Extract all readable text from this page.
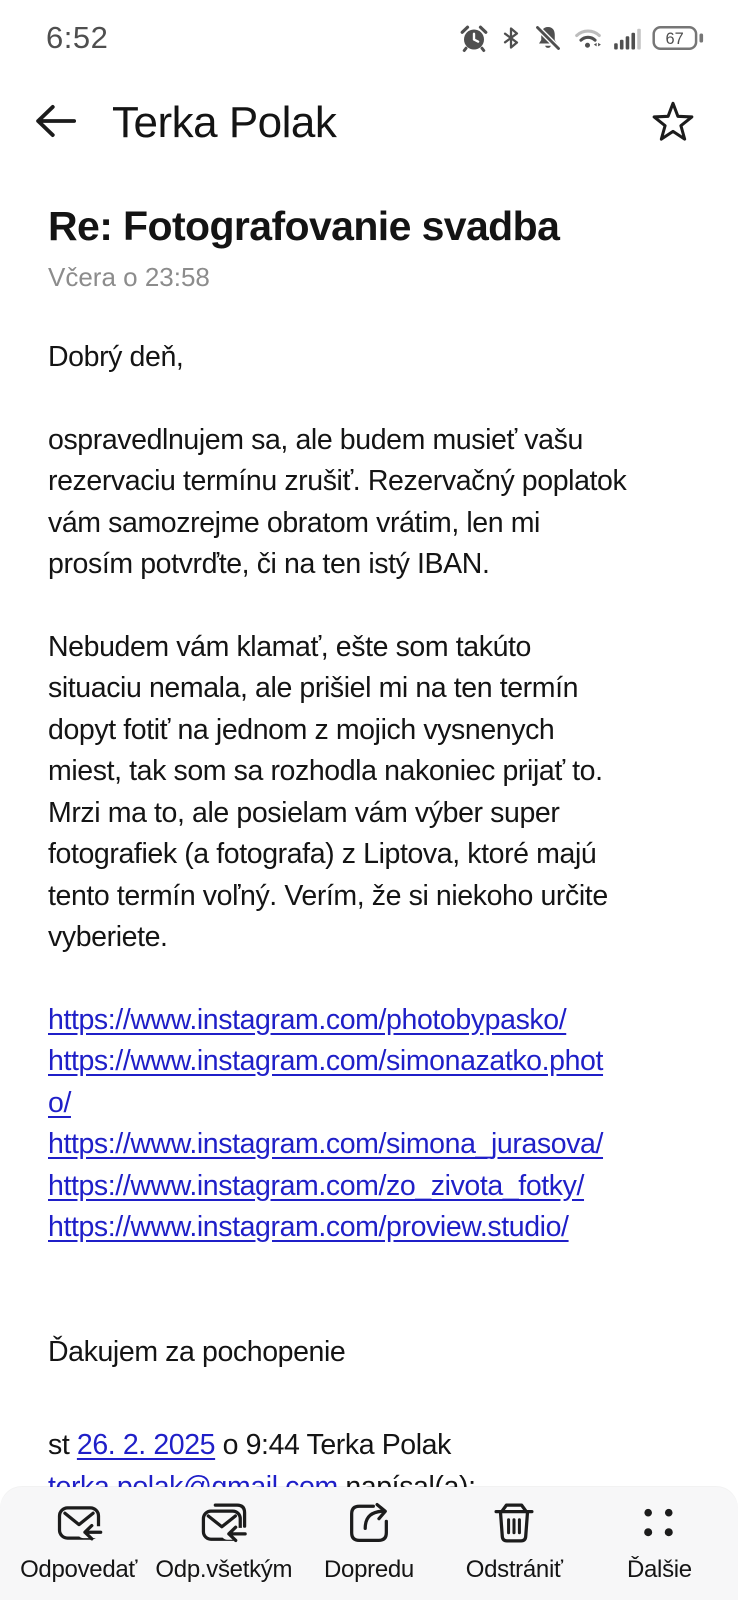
6:52	67
Terka Polak
Re: Fotografovanie svadba
Včera o 23:58

Dobrý deň,

ospravedlnujem sa, ale budem musieť vašu
rezervaciu termínu zrušiť. Rezervačný poplatok
vám samozrejme obratom vrátim, len mi
prosím potvrďte, či na ten istý IBAN.

Nebudem vám klamať, ešte som takúto
situaciu nemala, ale prišiel mi na ten termín
dopyt fotiť na jednom z mojich vysnenych
miest, tak som sa rozhodla nakoniec prijať to.
Mrzi ma to, ale posielam vám výber super
fotografiek (a fotografa) z Liptova, ktoré majú
tento termín voľný. Verím, že si niekoho určite
vyberiete.

https://www.instagram.com/photobypasko/
https://www.instagram.com/simonazatko.phot
o/
https://www.instagram.com/simona_jurasova/
https://www.instagram.com/zo_zivota_fotky/
https://www.instagram.com/proview.studio/

Ďakujem za pochopenie

st 26. 2. 2025 o 9:44 Terka Polak

Odpovedať Odp.všetkým Dopredu Odstrániť	Ďalšie
